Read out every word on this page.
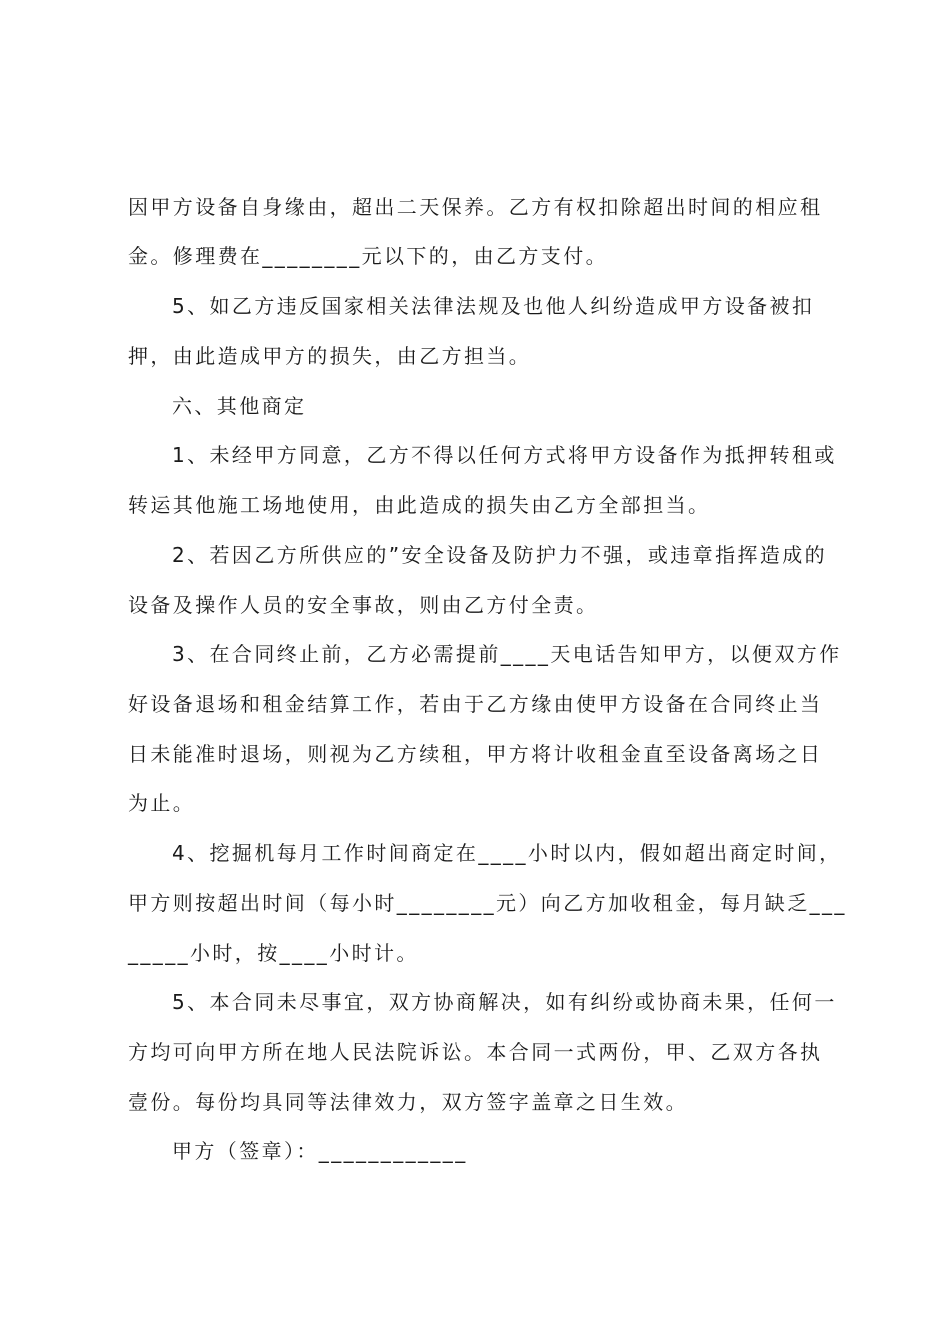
因甲方设备自身缘由，超出二天保养。乙方有权扣除超出时间的相应租
金。修理费在________元以下的，由乙方支付。
5、如乙方违反国家相关法律法规及也他人纠纷造成甲方设备被扣
押，由此造成甲方的损失，由乙方担当。
六、其他商定
1、未经甲方同意，乙方不得以任何方式将甲方设备作为抵押转租或
转运其他施工场地使用，由此造成的损失由乙方全部担当。
2、若因乙方所供应的”安全设备及防护力不强，或违章指挥造成的
设备及操作人员的安全事故，则由乙方付全责。
3、在合同终止前，乙方必需提前____天电话告知甲方，以便双方作
好设备退场和租金结算工作，若由于乙方缘由使甲方设备在合同终止当
日未能准时退场，则视为乙方续租，甲方将计收租金直至设备离场之日
为止。
4、挖掘机每月工作时间商定在____小时以内，假如超出商定时间，
甲方则按超出时间（每小时________元）向乙方加收租金，每月缺乏___
_____小时，按____小时计。
5、本合同未尽事宜，双方协商解决，如有纠纷或协商未果，任何一
方均可向甲方所在地人民法院诉讼。本合同一式两份，甲、乙双方各执
壹份。每份均具同等法律效力，双方签字盖章之日生效。
甲方（签章）：____________
